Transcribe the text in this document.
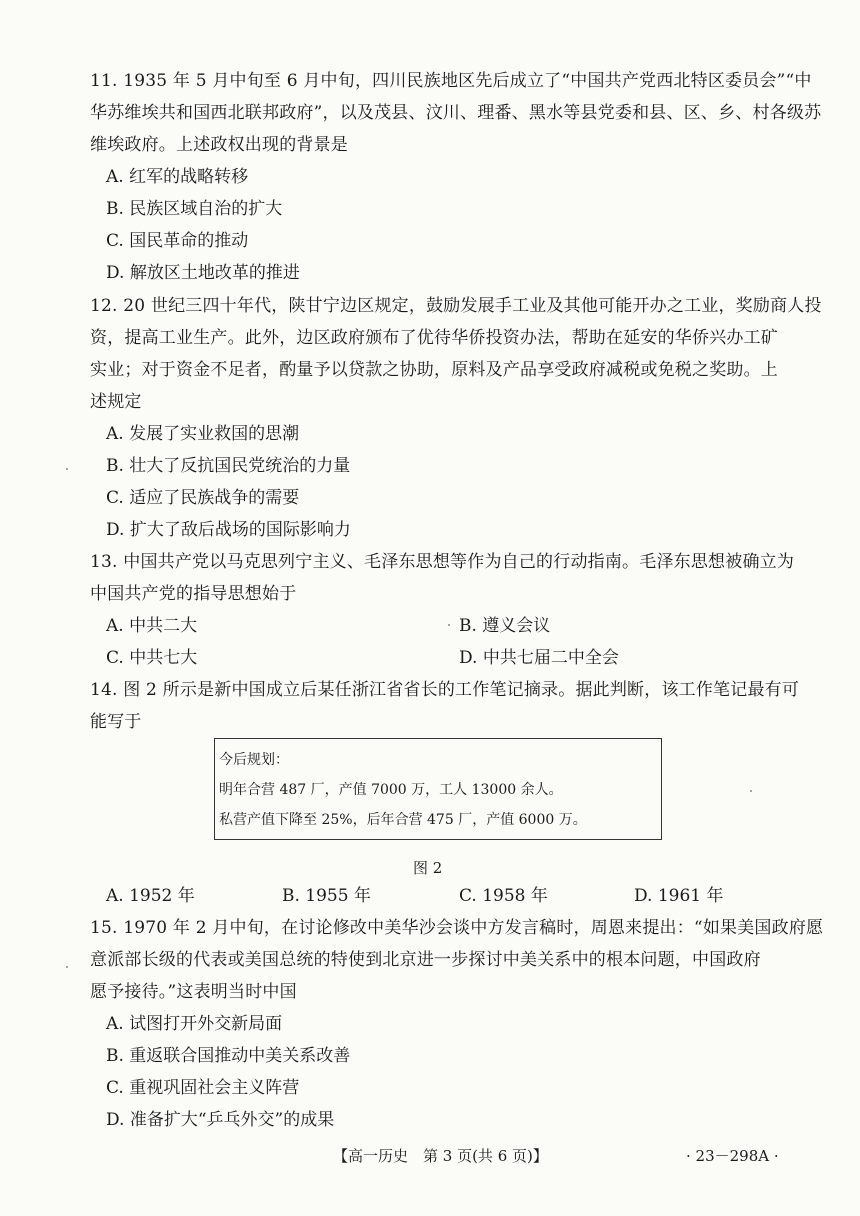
11. 1935 年 5 月中旬至 6 月中旬，四川民族地区先后成立了“中国共产党西北特区委员会”“中
华苏维埃共和国西北联邦政府”，以及茂县、汶川、理番、黑水等县党委和县、区、乡、村各级苏
维埃政府。上述政权出现的背景是
A. 红军的战略转移
B. 民族区域自治的扩大
C. 国民革命的推动
D. 解放区土地改革的推进
12. 20 世纪三四十年代，陕甘宁边区规定，鼓励发展手工业及其他可能开办之工业，奖励商人投
资，提高工业生产。此外，边区政府颁布了优待华侨投资办法，帮助在延安的华侨兴办工矿
实业；对于资金不足者，酌量予以贷款之协助，原料及产品享受政府减税或免税之奖助。上
述规定
A. 发展了实业救国的思潮
B. 壮大了反抗国民党统治的力量
C. 适应了民族战争的需要
D. 扩大了敌后战场的国际影响力
13. 中国共产党以马克思列宁主义、毛泽东思想等作为自己的行动指南。毛泽东思想被确立为
中国共产党的指导思想始于
A. 中共二大	B. 遵义会议
C. 中共七大	D. 中共七届二中全会
14. 图 2 所示是新中国成立后某任浙江省省长的工作笔记摘录。据此判断，该工作笔记最有可
能写于
今后规划：
明年合营 487 厂，产值 7000 万，工人 13000 余人。
私营产值下降至 25%，后年合营 475 厂，产值 6000 万。
图 2
A. 1952 年	B. 1955 年	C. 1958 年	D. 1961 年
15. 1970 年 2 月中旬，在讨论修改中美华沙会谈中方发言稿时，周恩来提出：“如果美国政府愿
意派部长级的代表或美国总统的特使到北京进一步探讨中美关系中的根本问题，中国政府
愿予接待。”这表明当时中国
A. 试图打开外交新局面
B. 重返联合国推动中美关系改善
C. 重视巩固社会主义阵营
D. 准备扩大“乒乓外交”的成果
【高一历史　第 3 页(共 6 页)】	· 23－298A ·
